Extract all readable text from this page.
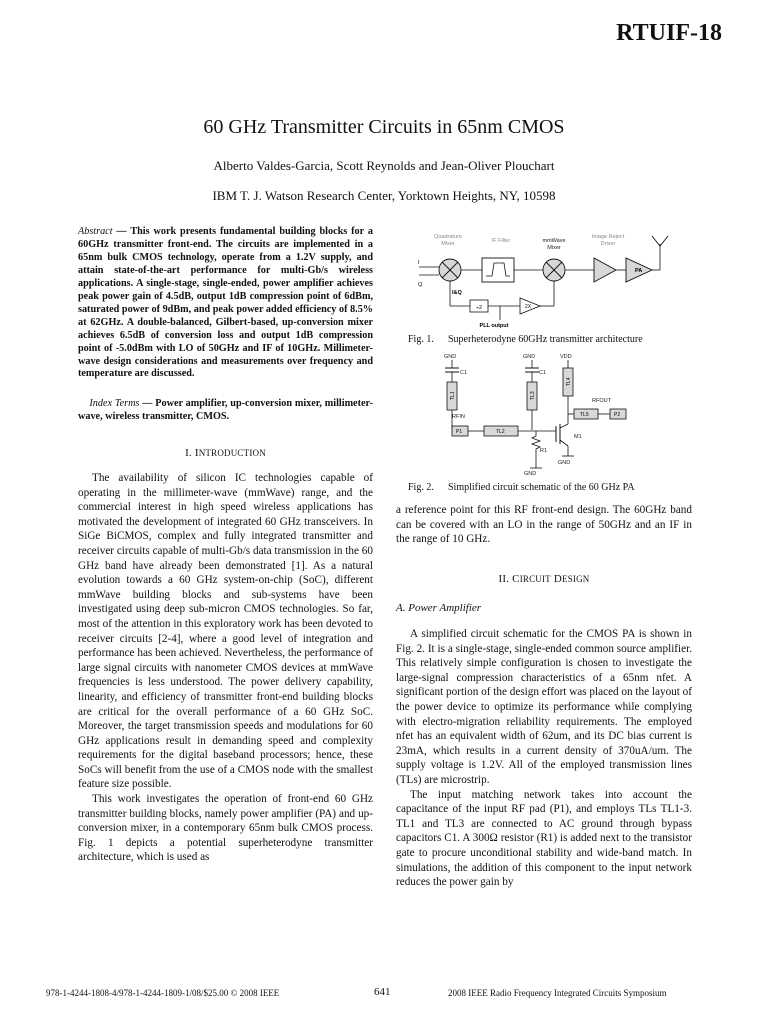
RTUIF-18
60 GHz Transmitter Circuits in 65nm CMOS
Alberto Valdes-Garcia, Scott Reynolds and Jean-Oliver Plouchart
IBM T. J. Watson Research Center, Yorktown Heights, NY, 10598
Abstract — This work presents fundamental building blocks for a 60GHz transmitter front-end. The circuits are implemented in a 65nm bulk CMOS technology, operate from a 1.2V supply, and attain state-of-the-art performance for multi-Gb/s wireless applications. A single-stage, single-ended, power amplifier achieves peak power gain of 4.5dB, output 1dB compression point of 6dBm, saturated power of 9dBm, and peak power added efficiency of 8.5% at 62GHz. A double-balanced, Gilbert-based, up-conversion mixer achieves 6.5dB of conversion loss and output 1dB compression point of -5.0dBm with LO of 50GHz and IF of 10GHz. Millimeter-wave design considerations and measurements over frequency and temperature are discussed.
Index Terms — Power amplifier, up-conversion mixer, millimeter-wave, wireless transmitter, CMOS.
I. INTRODUCTION

The availability of silicon IC technologies capable of operating in the millimeter-wave (mmWave) range, and the commercial interest in high speed wireless applications has motivated the development of integrated 60 GHz transceivers. In SiGe BiCMOS, complex and fully integrated transmitter and receiver circuits capable of multi-Gb/s data transmission in the 60 GHz band have already been demonstrated [1]. As a natural evolution towards a 60 GHz system-on-chip (SoC), different mmWave building blocks and sub-systems have been investigated using deep sub-micron CMOS technologies. So far, most of the attention in this exploratory work has been devoted to receiver circuits [2-4], where a good level of integration and performance has been achieved. Nevertheless, the performance of large signal circuits with nanometer CMOS devices at mmWave frequencies is less understood. The power delivery capability, linearity, and efficiency of transmitter front-end building blocks are critical for the overall performance of a 60 GHz SoC. Moreover, the target transmission speeds and modulations for 60 GHz applications result in demanding speed and complexity requirements for the digital baseband processors; hence, these SoCs will benefit from the use of a CMOS node with the smallest feature size possible.

This work investigates the operation of front-end 60 GHz transmitter building blocks, namely power amplifier (PA) and up-conversion mixer, in a contemporary 65nm bulk CMOS process. Fig. 1 depicts a potential superheterodyne transmitter architecture, which is used as

Quadrature
Mixer	IF Filter
Image Reject
Driver
mmWave
Mixer
I
Q
PA
I&Q
÷2	2X
PLL output
Fig. 1. Superheterodyne 60GHz transmitter architecture
GND	GND	VDD
C1	C1
RFOUT
RFIN
R1
M1
GND
GND
TL1	TL3
TL4
P1	TL2
TL5	P2
Fig. 2. Simplified circuit schematic of the 60 GHz PA

a reference point for this RF front-end design. The 60GHz band can be covered with an LO in the range of 50GHz and an IF in the range of 10 GHz.

II. CIRCUIT DESIGN
A. Power Amplifier

A simplified circuit schematic for the CMOS PA is shown in Fig. 2. It is a single-stage, single-ended common source amplifier. This relatively simple configuration is chosen to investigate the large-signal compression characteristics of a 65nm nfet. A significant portion of the design effort was placed on the layout of the power device to optimize its performance while complying with electro-migration reliability requirements. The employed nfet has an equivalent width of 62um, and its DC bias current is 23mA, which results in a current density of 370uA/um. The supply voltage is 1.2V. All of the employed transmission lines (TLs) are microstrip.

The input matching network takes into account the capacitance of the input RF pad (P1), and employs TLs TL1-3. TL1 and TL3 are connected to AC ground through bypass capacitors C1. A 300Ω resistor (R1) is added next to the transistor gate to procure unconditional stability and wide-band match. In simulations, the addition of this component to the input network reduces the power gain by

978-1-4244-1808-4/978-1-4244-1809-1/08/$25.00 © 2008 IEEE	641	2008 IEEE Radio Frequency Integrated Circuits Symposium
